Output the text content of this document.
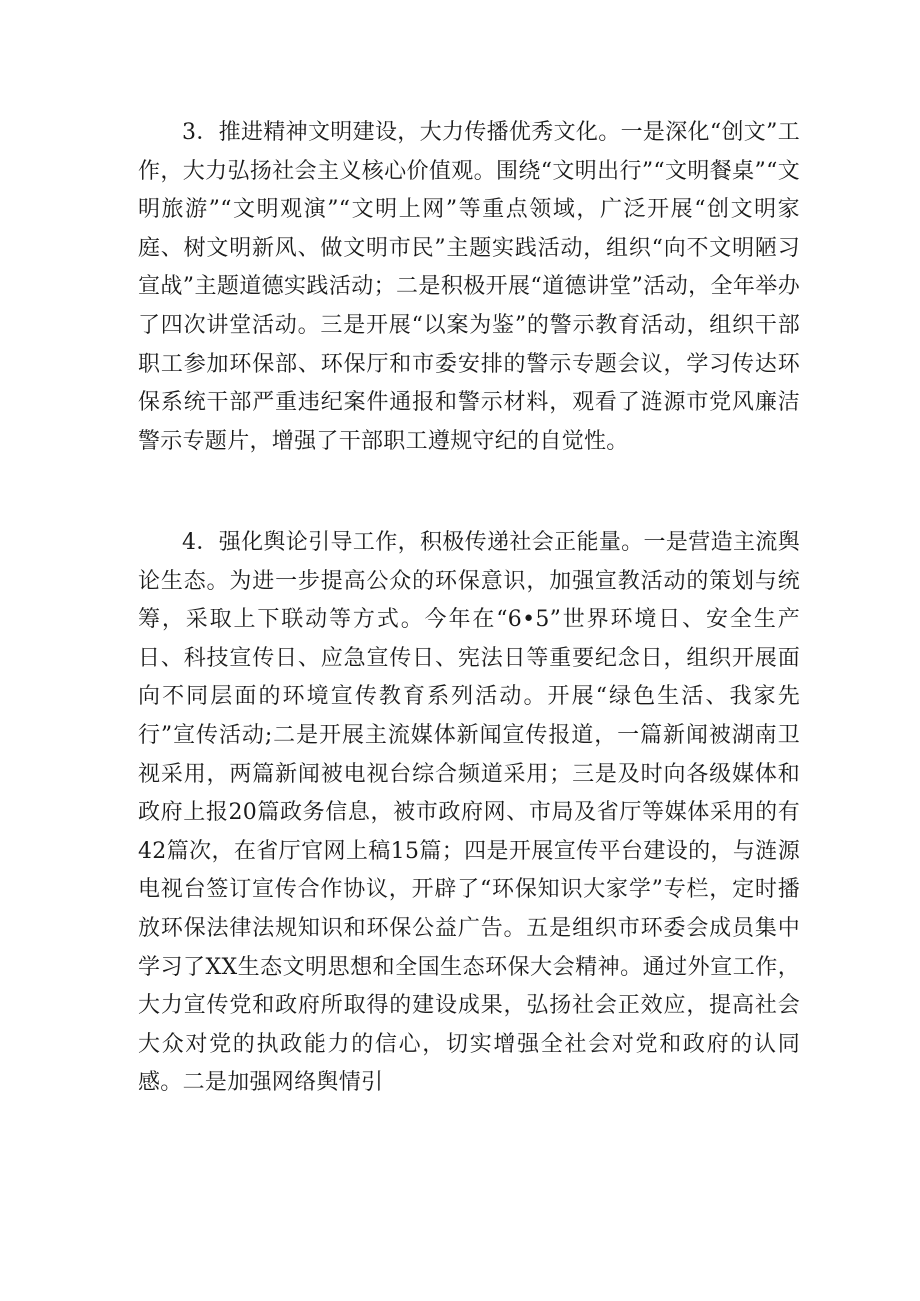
3．推进精神文明建设，大力传播优秀文化。一是深化“创文”工作，大力弘扬社会主义核心价值观。围绕“文明出行”“文明餐桌”“文明旅游”“文明观演”“文明上网”等重点领域，广泛开展“创文明家庭、树文明新风、做文明市民”主题实践活动，组织“向不文明陋习宣战”主题道德实践活动；二是积极开展“道德讲堂”活动，全年举办了四次讲堂活动。三是开展“以案为鉴”的警示教育活动，组织干部职工参加环保部、环保厅和市委安排的警示专题会议，学习传达环保系统干部严重违纪案件通报和警示材料，观看了涟源市党风廉洁警示专题片，增强了干部职工遵规守纪的自觉性。

4．强化舆论引导工作，积极传递社会正能量。一是营造主流舆论生态。为进一步提高公众的环保意识，加强宣教活动的策划与统筹，采取上下联动等方式。今年在“6•5”世界环境日、安全生产日、科技宣传日、应急宣传日、宪法日等重要纪念日，组织开展面向不同层面的环境宣传教育系列活动。开展“绿色生活、我家先行”宣传活动;二是开展主流媒体新闻宣传报道，一篇新闻被湖南卫视采用，两篇新闻被电视台综合频道采用；三是及时向各级媒体和政府上报20篇政务信息，被市政府网、市局及省厅等媒体采用的有42篇次，在省厅官网上稿15篇；四是开展宣传平台建设的，与涟源电视台签订宣传合作协议，开辟了“环保知识大家学”专栏，定时播放环保法律法规知识和环保公益广告。五是组织市环委会成员集中学习了XX生态文明思想和全国生态环保大会精神。通过外宣工作，大力宣传党和政府所取得的建设成果，弘扬社会正效应，提高社会大众对党的执政能力的信心，切实增强全社会对党和政府的认同感。二是加强网络舆情引
